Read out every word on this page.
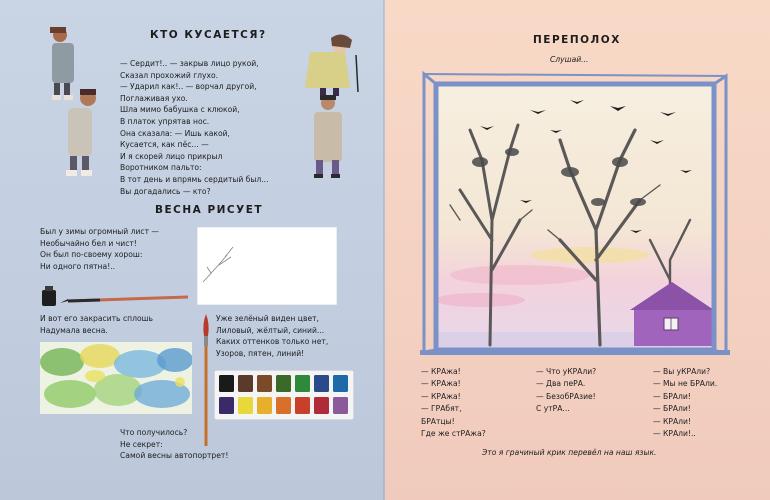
КТО КУСАЕТСЯ?
— Сердит!.. — закрыв лицо рукой,
Сказал прохожий глухо.
— Ударил как!.. — ворчал другой,
Поглаживая ухо.
Шла мимо бабушка с клюкой,
В платок упрятав нос.
Она сказала: — Ишь какой,
Кусается, как пёс... —
И я скорей лицо прикрыл
Воротником пальто:
В тот день и впрямь сердитый был...
Вы догадались — кто?
ВЕСНА РИСУЕТ
Был у зимы огромный лист —
Необычайно бел и чист!
Он был по-своему хорош:
Ни одного пятна!..
И вот его закрасить сплошь
Надумала весна.
Уже зелёный виден цвет,
Лиловый, жёлтый, синий...
Каких оттенков только нет,
Узоров, пятен, линий!
Что получилось?
Не секрет:
Самой весны автопортрет!
ПЕРЕПОЛОХ
Слушай...
— КРАжа!
— КРАжа!
— КРАжа!
— ГРАбят,
БРАтцы!
Где же стРАжа?
— Что уКРАли?
— Два пеРА.
— БезобРАзие!
С утРА...
— Вы уКРАли?
— Мы не БРАли.
— БРАли!
— БРАли!
— КРАли!
— КРАли!..
Это я грачиный крик перевёл на наш язык.
